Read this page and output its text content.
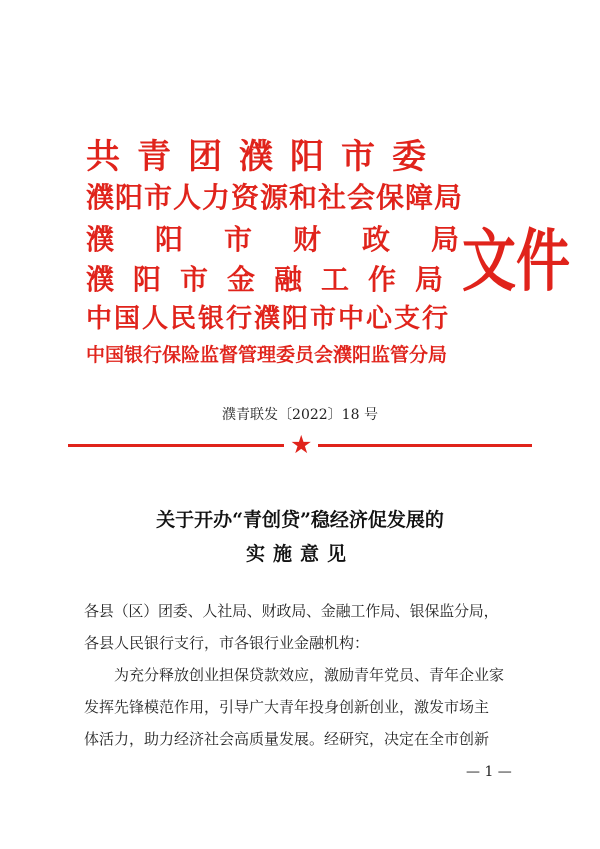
共青团濮阳市委
濮阳市人力资源和社会保障局
濮阳市财政局
濮阳市金融工作局
中国人民银行濮阳市中心支行
中国银行保险监督管理委员会濮阳监管分局
文件
濮青联发〔2022〕18 号
★
关于开办“青创贷”稳经济促发展的
实施意见
各县（区）团委、人社局、财政局、金融工作局、银保监分局，
各县人民银行支行，市各银行业金融机构：
　　为充分释放创业担保贷款效应，激励青年党员、青年企业家
发挥先锋模范作用，引导广大青年投身创新创业，激发市场主
体活力，助力经济社会高质量发展。经研究，决定在全市创新
— 1 —
